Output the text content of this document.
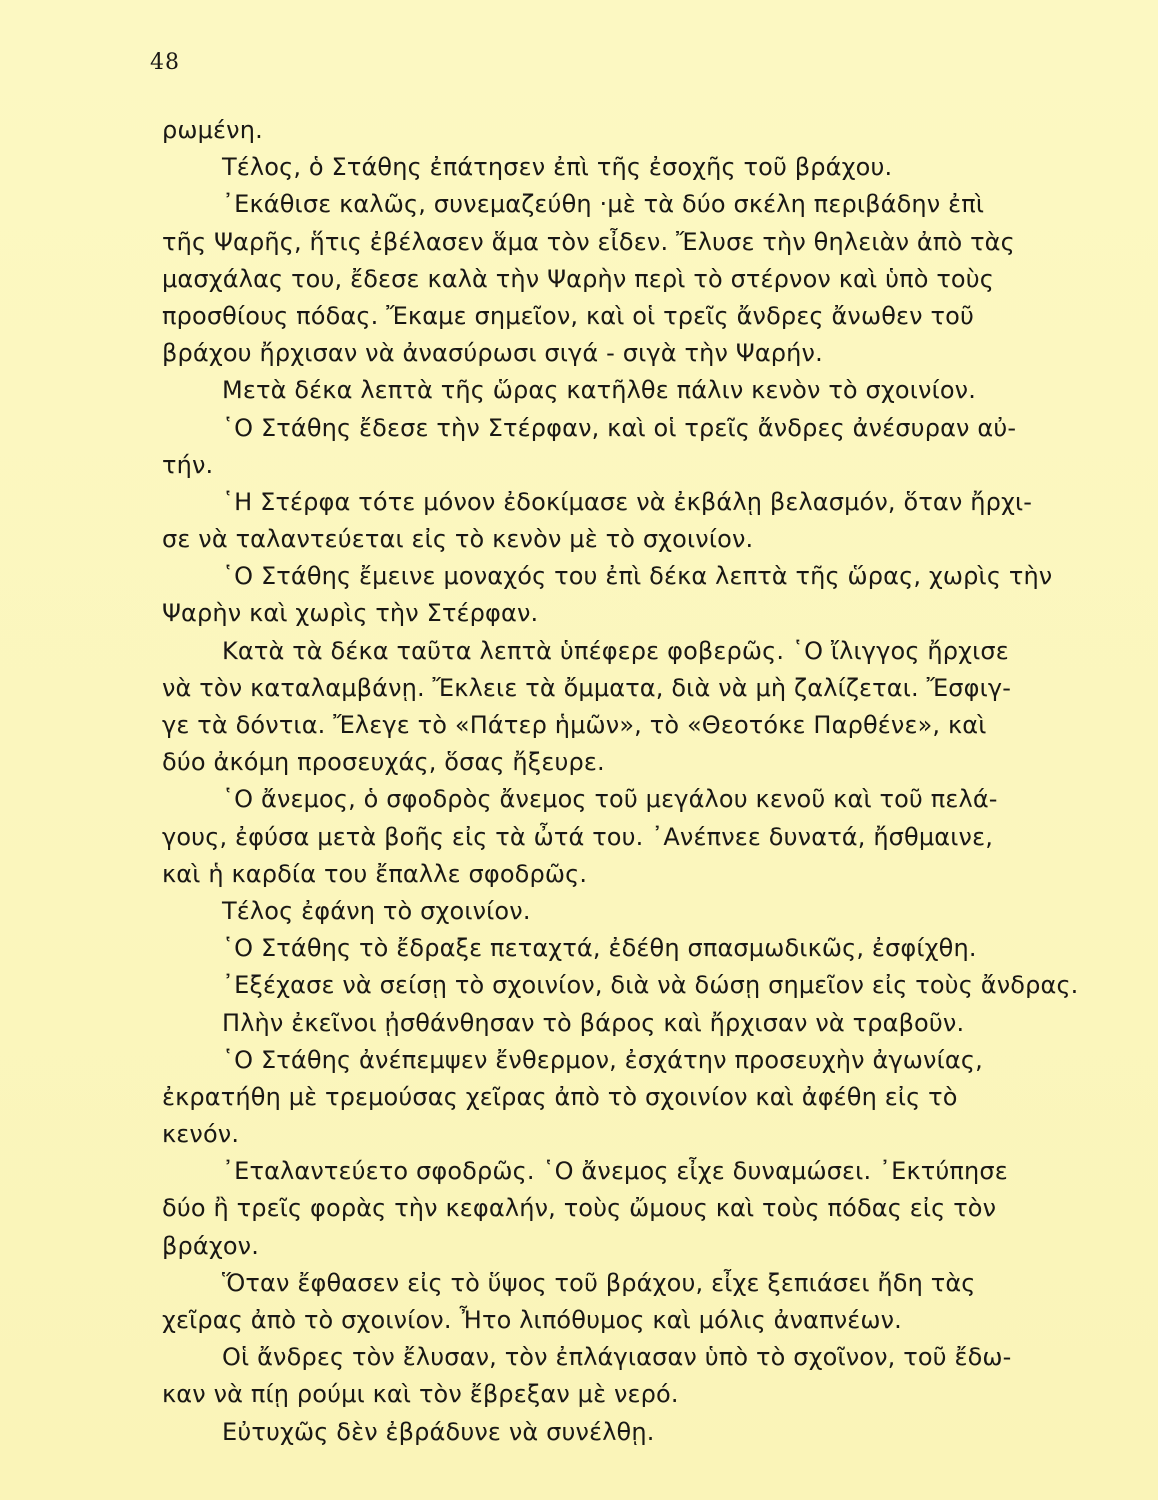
48
ρωμένη.
Τέλος, ὁ Στάθης ἐπάτησεν ἐπὶ τῆς ἐσοχῆς τοῦ βράχου.
᾿Εκάθισε καλῶς, συνεμαζεύθη ·μὲ τὰ δύο σκέλη περιβάδην ἐπὶ
τῆς Ψαρῆς, ἥτις ἐβέλασεν ἅμα τὸν εἶδεν. Ἔλυσε τὴν θηλειὰν ἀπὸ τὰς
μασχάλας του, ἔδεσε καλὰ τὴν Ψαρὴν περὶ τὸ στέρνον καὶ ὑπὸ τοὺς
προσθίους πόδας. Ἔκαμε σημεῖον, καὶ οἱ τρεῖς ἄνδρες ἄνωθεν τοῦ
βράχου ἤρχισαν νὰ ἀνασύρωσι σιγά - σιγὰ τὴν Ψαρήν.
Μετὰ δέκα λεπτὰ τῆς ὥρας κατῆλθε πάλιν κενὸν τὸ σχοινίον.
῾Ο Στάθης ἔδεσε τὴν Στέρφαν, καὶ οἱ τρεῖς ἄνδρες ἀνέσυραν αὐ-
τήν.
῾Η Στέρφα τότε μόνον ἐδοκίμασε νὰ ἐκβάλῃ βελασμόν, ὅταν ἤρχι-
σε νὰ ταλαντεύεται εἰς τὸ κενὸν μὲ τὸ σχοινίον.
῾Ο Στάθης ἔμεινε μοναχός του ἐπὶ δέκα λεπτὰ τῆς ὥρας, χωρὶς τὴν
Ψαρὴν καὶ χωρὶς τὴν Στέρφαν.
Κατὰ τὰ δέκα ταῦτα λεπτὰ ὑπέφερε φοβερῶς. ῾Ο ἴλιγγος ἤρχισε
νὰ τὸν καταλαμβάνῃ. Ἔκλειε τὰ ὄμματα, διὰ νὰ μὴ ζαλίζεται. Ἔσφιγ-
γε τὰ δόντια. Ἔλεγε τὸ «Πάτερ ἡμῶν», τὸ «Θεοτόκε Παρθένε», καὶ
δύο ἀκόμη προσευχάς, ὅσας ἤξευρε.
῾Ο ἄνεμος, ὁ σφοδρὸς ἄνεμος τοῦ μεγάλου κενοῦ καὶ τοῦ πελά-
γους, ἐφύσα μετὰ βοῆς εἰς τὰ ὦτά του. ᾿Ανέπνεε δυνατά, ἤσθμαινε,
καὶ ἡ καρδία του ἔπαλλε σφοδρῶς.
Τέλος ἐφάνη τὸ σχοινίον.
῾Ο Στάθης τὸ ἔδραξε πεταχτά, ἐδέθη σπασμωδικῶς, ἐσφίχθη.
᾿Εξέχασε νὰ σείσῃ τὸ σχοινίον, διὰ νὰ δώσῃ σημεῖον εἰς τοὺς ἄνδρας.
Πλὴν ἐκεῖνοι ᾐσθάνθησαν τὸ βάρος καὶ ἤρχισαν νὰ τραβοῦν.
῾Ο Στάθης ἀνέπεμψεν ἔνθερμον, ἐσχάτην προσευχὴν ἀγωνίας,
ἐκρατήθη μὲ τρεμούσας χεῖρας ἀπὸ τὸ σχοινίον καὶ ἀφέθη εἰς τὸ
κενόν.
᾿Εταλαντεύετο σφοδρῶς. ῾Ο ἄνεμος εἶχε δυναμώσει. ᾿Εκτύπησε
δύο ἢ τρεῖς φορὰς τὴν κεφαλήν, τοὺς ὤμους καὶ τοὺς πόδας εἰς τὸν
βράχον.
Ὅταν ἔφθασεν εἰς τὸ ὕψος τοῦ βράχου, εἶχε ξεπιάσει ἤδη τὰς
χεῖρας ἀπὸ τὸ σχοινίον. Ἦτο λιπόθυμος καὶ μόλις ἀναπνέων.
Οἱ ἄνδρες τὸν ἔλυσαν, τὸν ἐπλάγιασαν ὑπὸ τὸ σχοῖνον, τοῦ ἔδω-
καν νὰ πίῃ ρούμι καὶ τὸν ἔβρεξαν μὲ νερό.
Εὐτυχῶς δὲν ἐβράδυνε νὰ συνέλθῃ.
